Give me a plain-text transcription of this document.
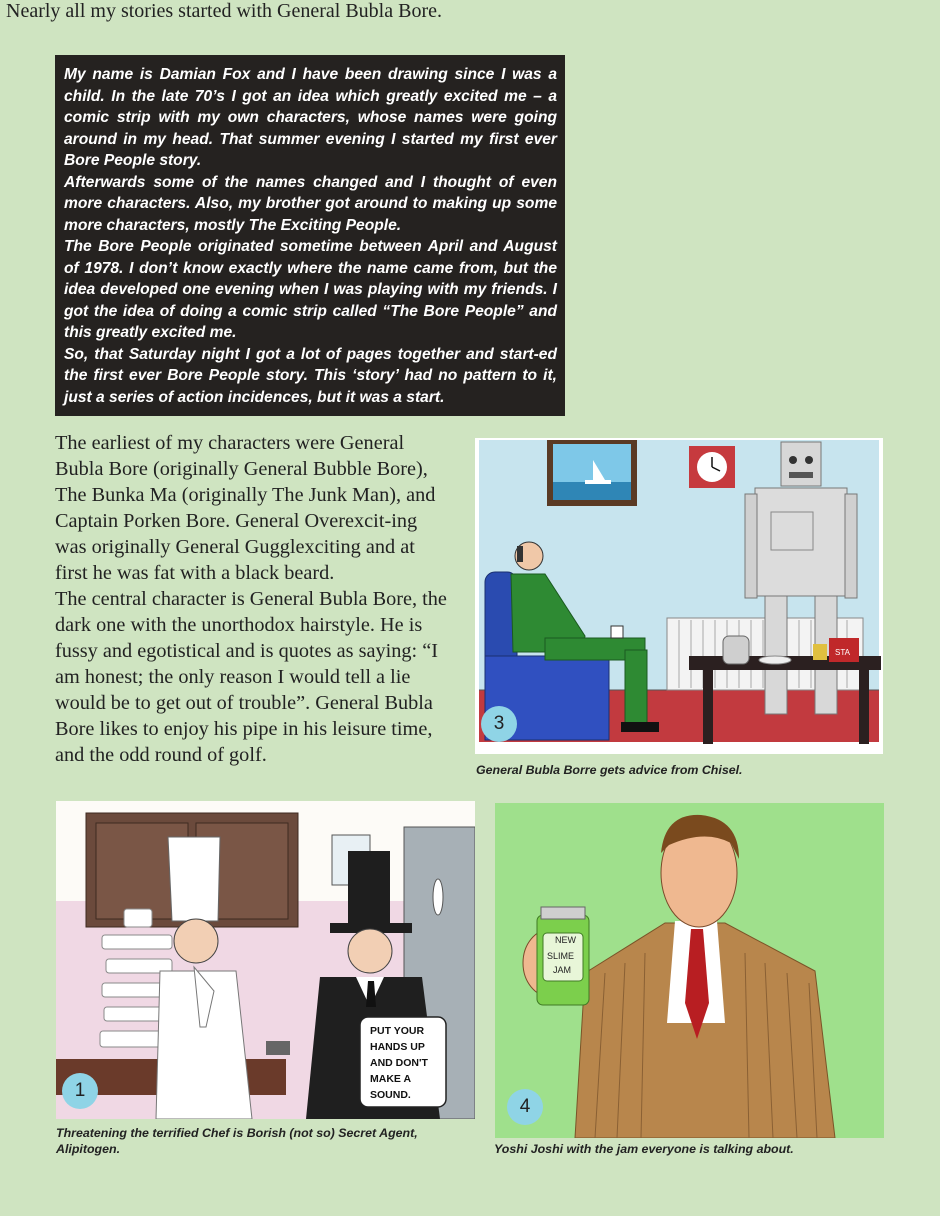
Nearly all my stories started with General Bubla Bore.

My name is Damian Fox and I have been drawing since I was a child. In the late 70’s I got an idea which greatly excited me – a comic strip with my own characters, whose names were going around in my head. That summer evening I started my first ever Bore People story.
Afterwards some of the names changed and I thought of even more characters. Also, my brother got around to making up some more characters, mostly The Exciting People.
The Bore People originated sometime between April and August of 1978. I don’t know exactly where the name came from, but the idea developed one evening when I was playing with my friends. I got the idea of doing a comic strip called “The Bore People” and this greatly excited me.
So, that Saturday night I got a lot of pages together and start-ed the first ever Bore People story. This ‘story’ had no pattern to it, just a series of action incidences, but it was a start.

The earliest of my characters were General Bubla Bore (originally General Bubble Bore), The Bunka Ma (originally The Junk Man), and Captain Porken Bore. General Overexcit-ing was originally General Gugglexciting and at first he was fat with a black beard.
The central character is General Bubla Bore, the dark one with the unorthodox hairstyle. He is fussy and egotistical and is quotes as saying: “I am honest; the only reason I would tell a lie would be to get out of trouble”. General Bubla Bore likes to enjoy his pipe in his leisure time, and the odd round of golf.

STA
3

General Bubla Borre gets advice from Chisel.

PUT YOUR
HANDS UP
AND DON'T
MAKE A
SOUND.
1

Threatening the terrified Chef is Borish (not so) Secret Agent, Alipitogen.

NEW
SLIME
JAM
4

Yoshi Joshi with the jam everyone is talking about.
